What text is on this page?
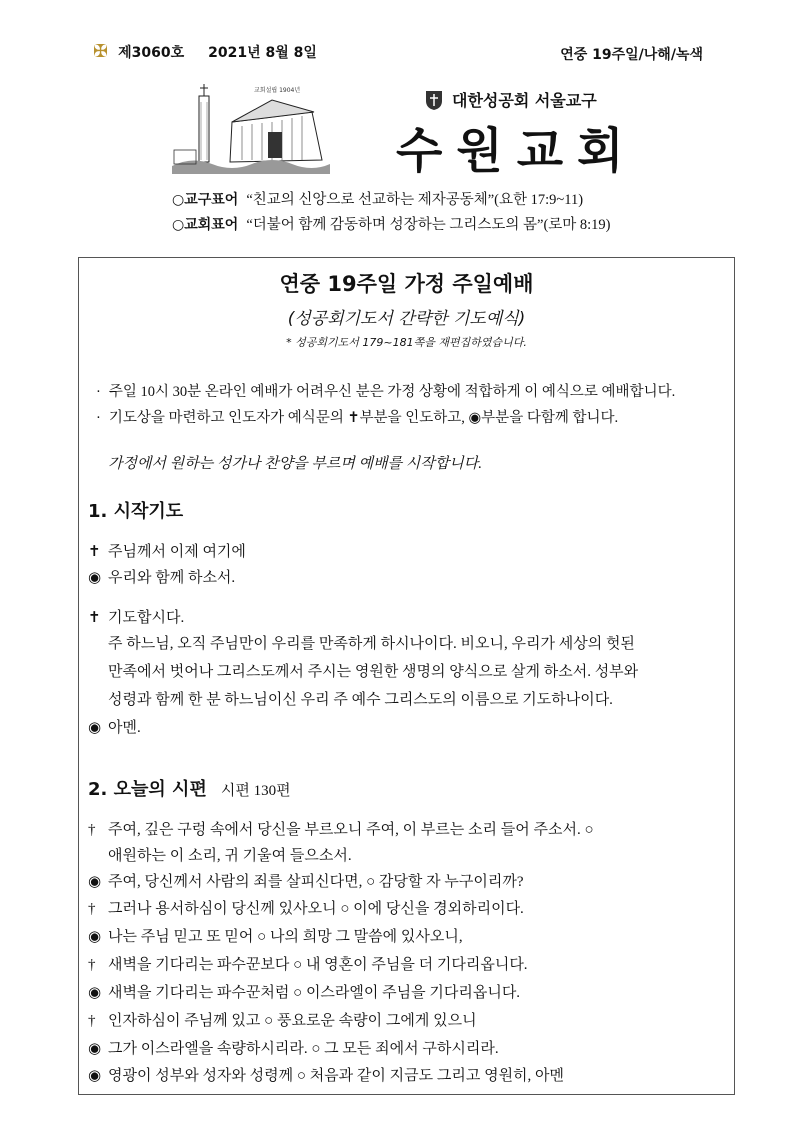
✠ 제3060호 2021년 8월 8일	연중 19주일/나해/녹색
교회설립 1904년
대한성공회 서울교구
수원교회
○교구표어 “친교의 신앙으로 선교하는 제자공동체”(요한 17:9~11)
○교회표어 “더불어 함께 감동하며 성장하는 그리스도의 몸”(로마 8:19)
연중 19주일 가정 주일예배
(성공회기도서 간략한 기도예식)
* 성공회기도서 179~181쪽을 재편집하였습니다.
· 주일 10시 30분 온라인 예배가 어려우신 분은 가정 상황에 적합하게 이 예식으로 예배합니다.
· 기도상을 마련하고 인도자가 예식문의 ✝부분을 인도하고, ◉부분을 다함께 합니다.
가정에서 원하는 성가나 찬양을 부르며 예배를 시작합니다.
1. 시작기도
✝ 주님께서 이제 여기에
◉ 우리와 함께 하소서.
✝ 기도합시다.
주 하느님, 오직 주님만이 우리를 만족하게 하시나이다. 비오니, 우리가 세상의 헛된
만족에서 벗어나 그리스도께서 주시는 영원한 생명의 양식으로 살게 하소서. 성부와
성령과 함께 한 분 하느님이신 우리 주 예수 그리스도의 이름으로 기도하나이다.
◉ 아멘.
2. 오늘의 시편 시편 130편
† 주여, 깊은 구렁 속에서 당신을 부르오니 주여, 이 부르는 소리 들어 주소서. ○
애원하는 이 소리, 귀 기울여 들으소서.
◉ 주여, 당신께서 사람의 죄를 살피신다면, ○ 감당할 자 누구이리까?
† 그러나 용서하심이 당신께 있사오니 ○ 이에 당신을 경외하리이다.
◉ 나는 주님 믿고 또 믿어 ○ 나의 희망 그 말씀에 있사오니,
† 새벽을 기다리는 파수꾼보다 ○ 내 영혼이 주님을 더 기다리옵니다.
◉ 새벽을 기다리는 파수꾼처럼 ○ 이스라엘이 주님을 기다리옵니다.
† 인자하심이 주님께 있고 ○ 풍요로운 속량이 그에게 있으니
◉ 그가 이스라엘을 속량하시리라. ○ 그 모든 죄에서 구하시리라.
◉ 영광이 성부와 성자와 성령께 ○ 처음과 같이 지금도 그리고 영원히, 아멘
